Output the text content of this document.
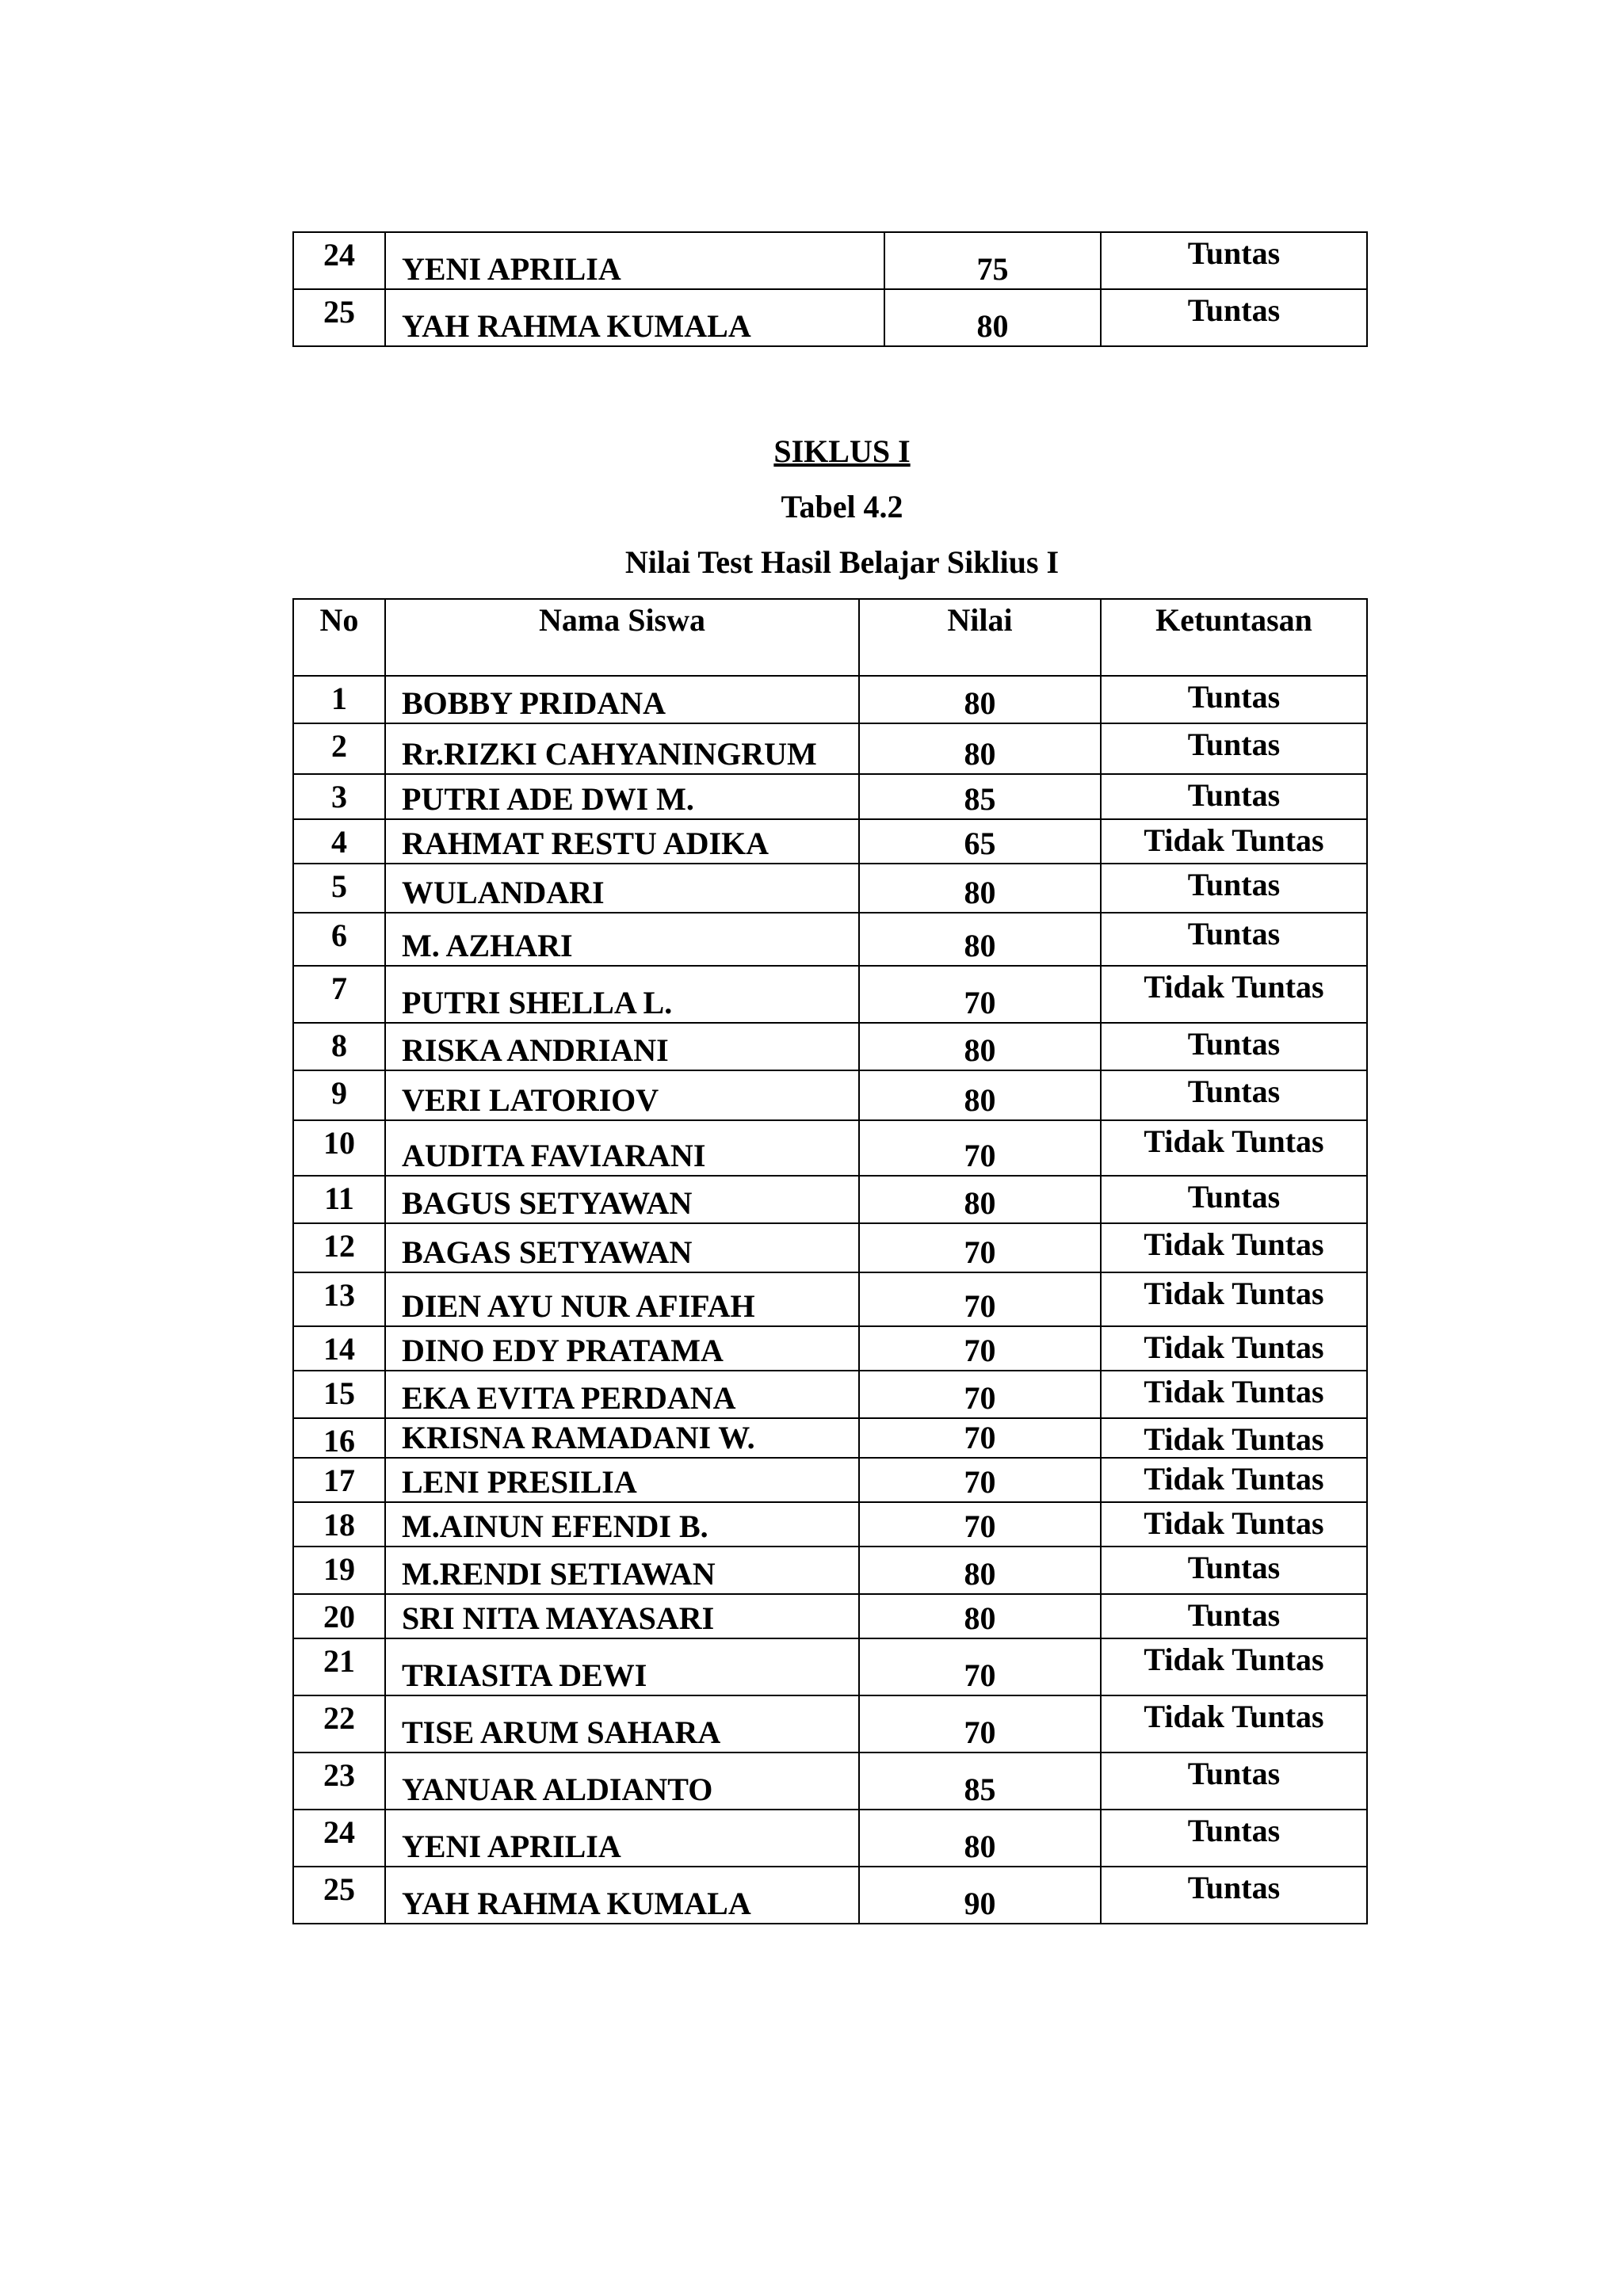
24	YENI APRILIA	75	Tuntas
25	YAH RAHMA KUMALA	80	Tuntas
SIKLUS I
Tabel 4.2
Nilai Test Hasil Belajar Siklius I
No	Nama Siswa	Nilai	Ketuntasan
1	BOBBY PRIDANA	80	Tuntas
2	Rr.RIZKI CAHYANINGRUM	80	Tuntas
3	PUTRI ADE DWI M.	85	Tuntas
4	RAHMAT RESTU ADIKA	65	Tidak Tuntas
5	WULANDARI	80	Tuntas
6	M. AZHARI	80	Tuntas
7	PUTRI SHELLA L.	70	Tidak Tuntas
8	RISKA ANDRIANI	80	Tuntas
9	VERI LATORIOV	80	Tuntas
10	AUDITA FAVIARANI	70	Tidak Tuntas
11	BAGUS SETYAWAN	80	Tuntas
12	BAGAS SETYAWAN	70	Tidak Tuntas
13	DIEN AYU NUR AFIFAH	70	Tidak Tuntas
14	DINO EDY PRATAMA	70	Tidak Tuntas
15	EKA EVITA PERDANA	70	Tidak Tuntas
16	KRISNA RAMADANI W.	70	Tidak Tuntas
17	LENI PRESILIA	70	Tidak Tuntas
18	M.AINUN EFENDI B.	70	Tidak Tuntas
19	M.RENDI SETIAWAN	80	Tuntas
20	SRI NITA MAYASARI	80	Tuntas
21	TRIASITA DEWI	70	Tidak Tuntas
22	TISE ARUM SAHARA	70	Tidak Tuntas
23	YANUAR ALDIANTO	85	Tuntas
24	YENI APRILIA	80	Tuntas
25	YAH RAHMA KUMALA	90	Tuntas
